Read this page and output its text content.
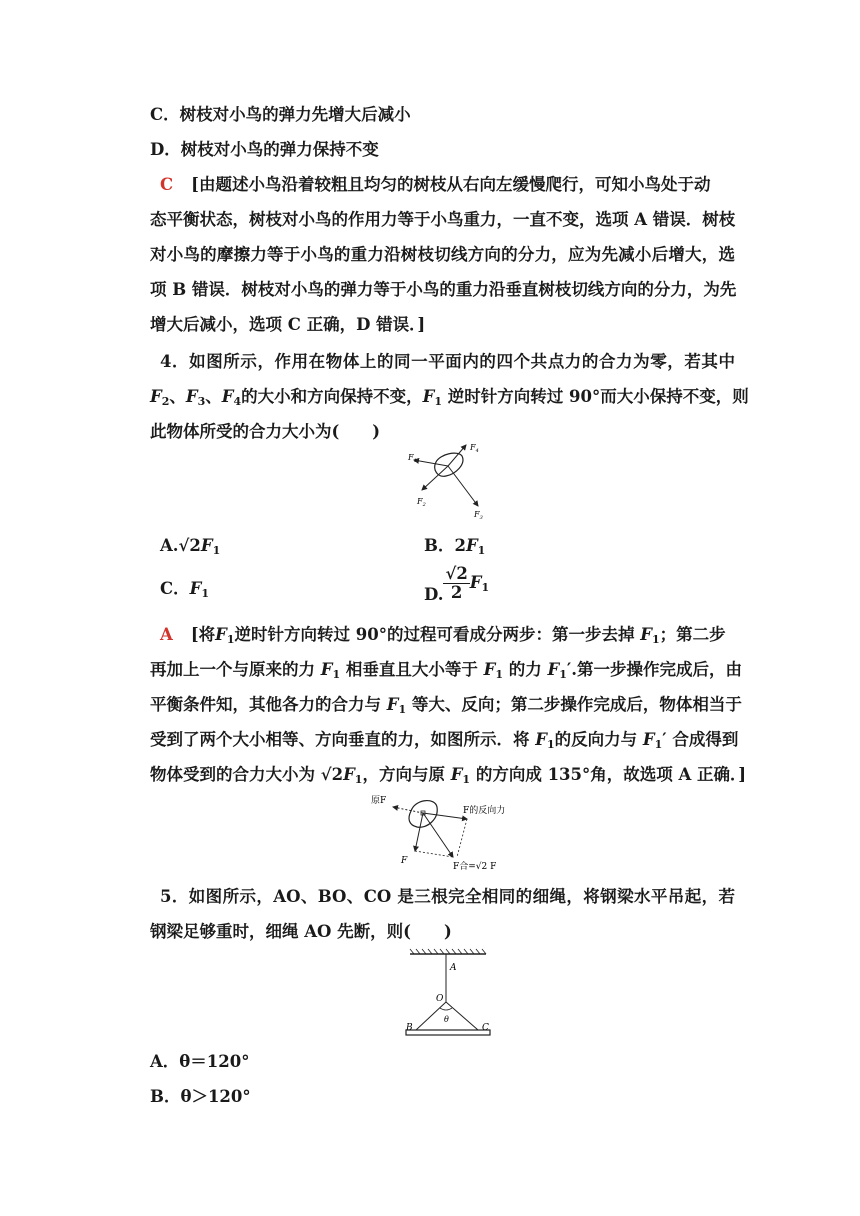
C．树枝对小鸟的弹力先增大后减小
D．树枝对小鸟的弹力保持不变
C [由题述小鸟沿着较粗且均匀的树枝从右向左缓慢爬行，可知小鸟处于动
态平衡状态，树枝对小鸟的作用力等于小鸟重力，一直不变，选项 A 错误．树枝
对小鸟的摩擦力等于小鸟的重力沿树枝切线方向的分力，应为先减小后增大，选
项 B 错误．树枝对小鸟的弹力等于小鸟的重力沿垂直树枝切线方向的分力，为先
增大后减小，选项 C 正确，D 错误．]
4．如图所示，作用在物体上的同一平面内的四个共点力的合力为零，若其中
$F_2$、$F_3$、$F_4$的大小和方向保持不变，$F_1$ 逆时针方向转过 90°而大小保持不变，则
此物体所受的合力大小为(　　)
$F_1$
$F_4$
$F_2$
$F_3$
$A.√2F_1$	B．$2F_1$
C．$F_1$	D. $\frac{√2}{2} F_1$
A [将$F_1$逆时针方向转过 90°的过程可看成分两步：第一步去掉 $F_1$；第二步
再加上一个与原来的力 $F_1$ 相垂直且大小等于 $F_1$ 的力 $F_1'$.第一步操作完成后，由
平衡条件知，其他各力的合力与 $F_1$ 等大、反向；第二步操作完成后，物体相当于
受到了两个大小相等、方向垂直的力，如图所示．将 $F_1$的反向力与 $F_1'$ 合成得到
物体受到的合力大小为 $√2F_1$，方向与原 $F_1$ 的方向成 135°角，故选项 A 正确．]
原F
F的反向力
F
F合=√2 F
5．如图所示，AO、BO、CO 是三根完全相同的细绳，将钢梁水平吊起，若
钢梁足够重时，细绳 AO 先断，则(　　)
A
O
θ
B	C
A．θ＝120°
B．θ＞120°
